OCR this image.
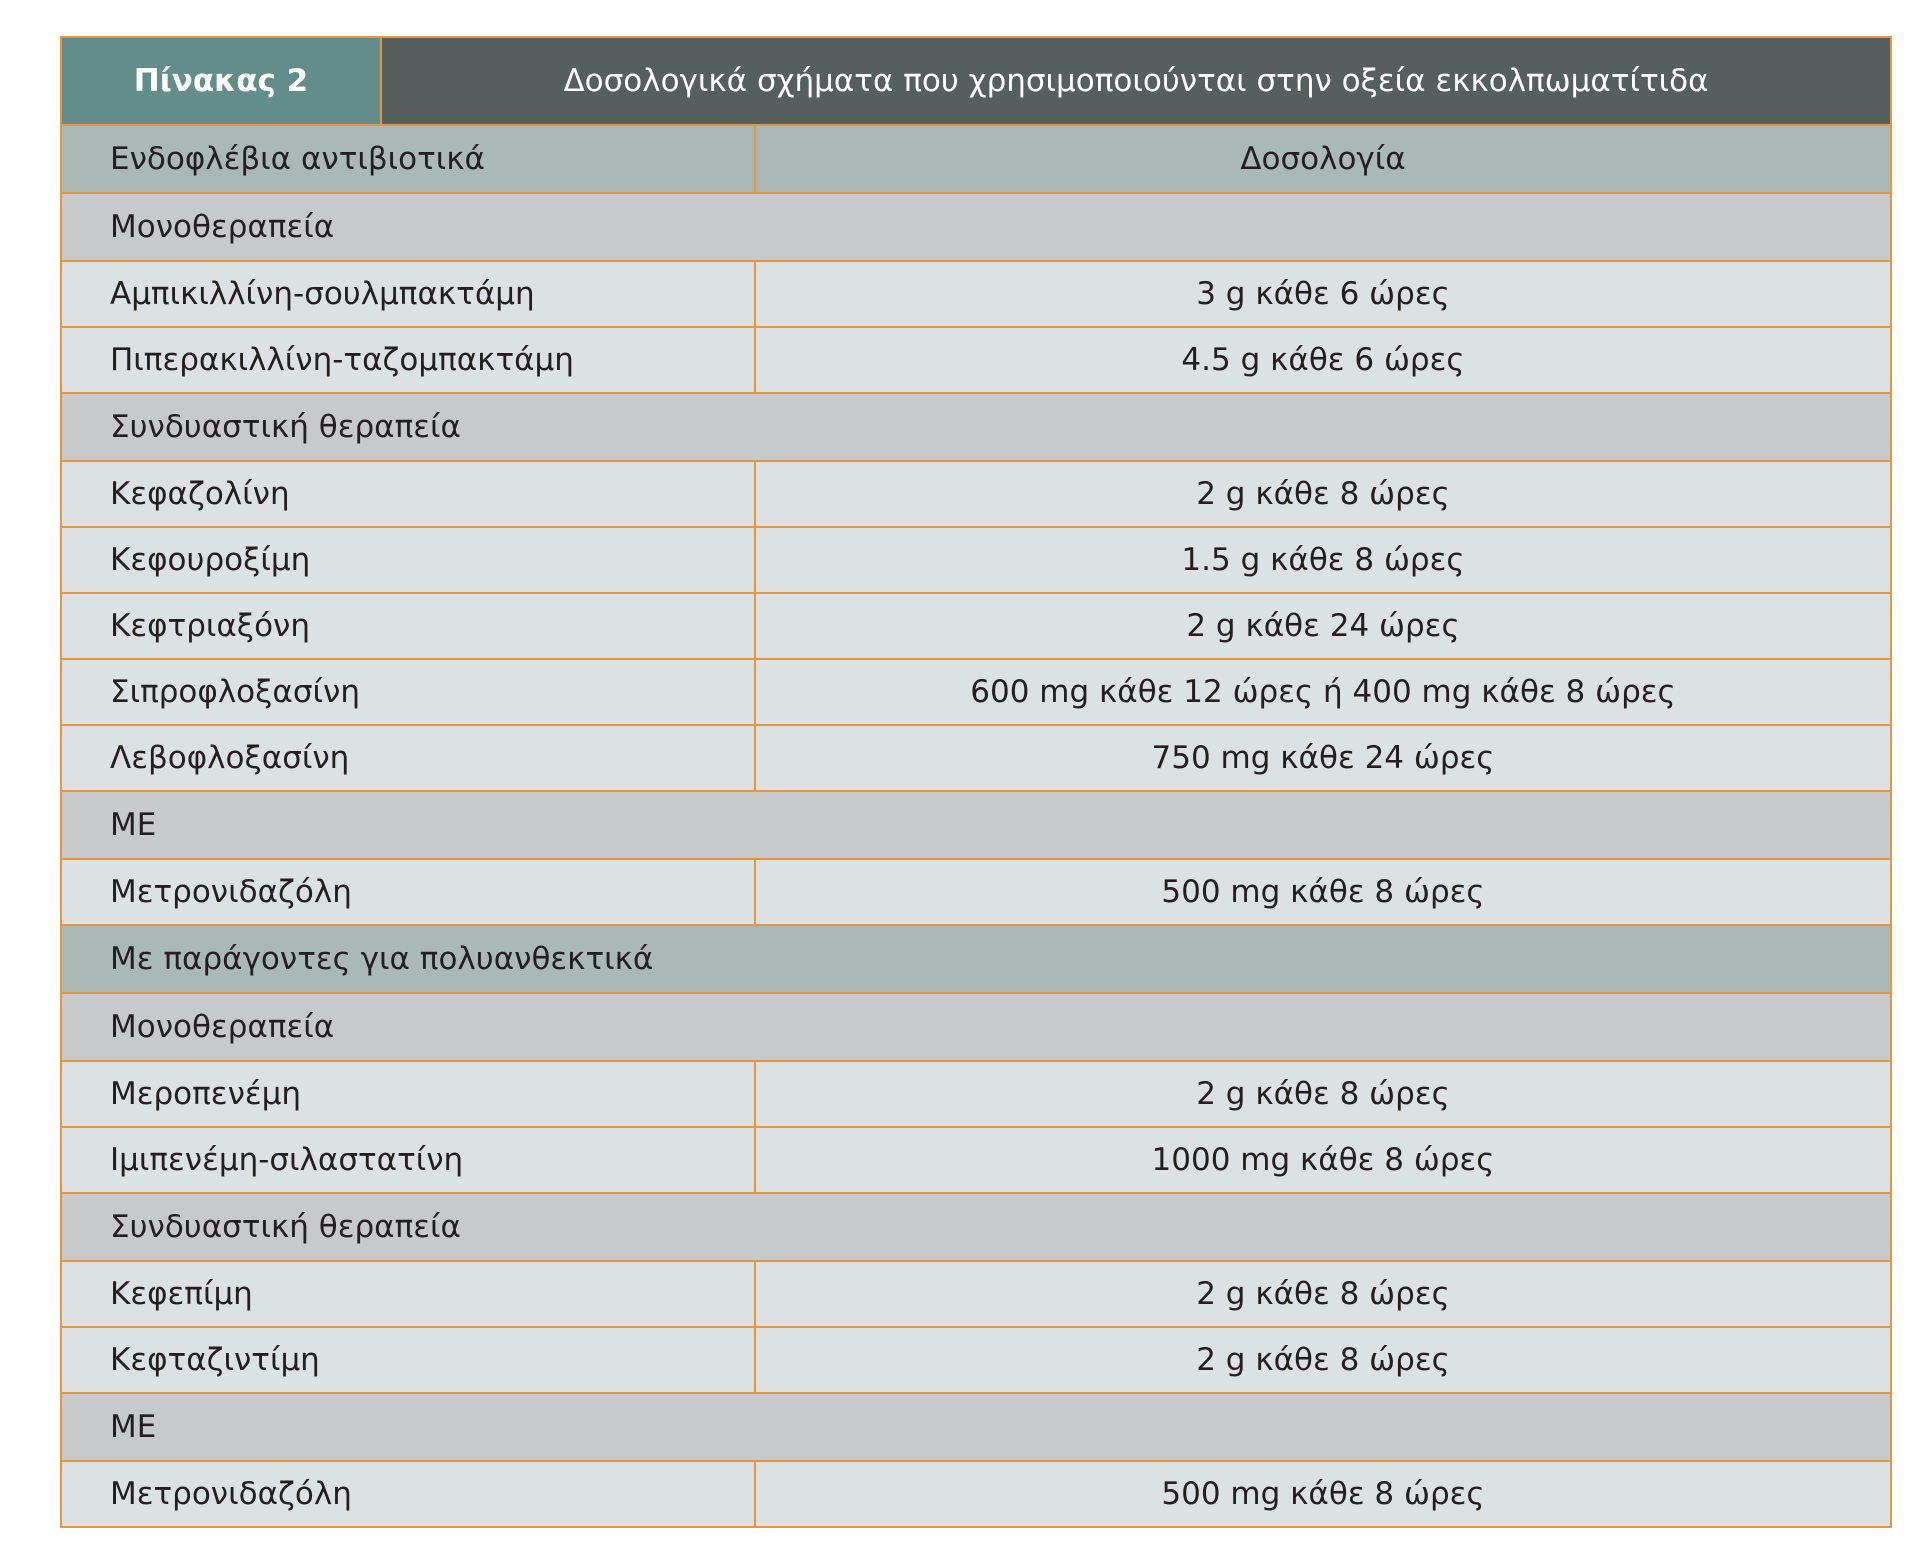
Πίνακας 2	Δοσολογικά σχήματα που χρησιμοποιούνται στην οξεία εκκολπωματίτιδα
Ενδοφλέβια αντιβιοτικά	Δοσολογία
Μονοθεραπεία	
Αμπικιλλίνη-σουλμπακτάμη	3 g κάθε 6 ώρες
Πιπερακιλλίνη-ταζομπακτάμη	4.5 g κάθε 6 ώρες
Συνδυαστική θεραπεία	
Κεφαζολίνη	2 g κάθε 8 ώρες
Κεφουροξίμη	1.5 g κάθε 8 ώρες
Κεφτριαξόνη	2 g κάθε 24 ώρες
Σιπροφλοξασίνη	600 mg κάθε 12 ώρες ή 400 mg κάθε 8 ώρες
Λεβοφλοξασίνη	750 mg κάθε 24 ώρες
ΜΕ	
Μετρονιδαζόλη	500 mg κάθε 8 ώρες
Με παράγοντες για πολυανθεκτικά	
Μονοθεραπεία	
Μεροπενέμη	2 g κάθε 8 ώρες
Ιμιπενέμη-σιλαστατίνη	1000 mg κάθε 8 ώρες
Συνδυαστική θεραπεία	
Κεφεπίμη	2 g κάθε 8 ώρες
Κεφταζιντίμη	2 g κάθε 8 ώρες
ΜΕ	
Μετρονιδαζόλη	500 mg κάθε 8 ώρες
